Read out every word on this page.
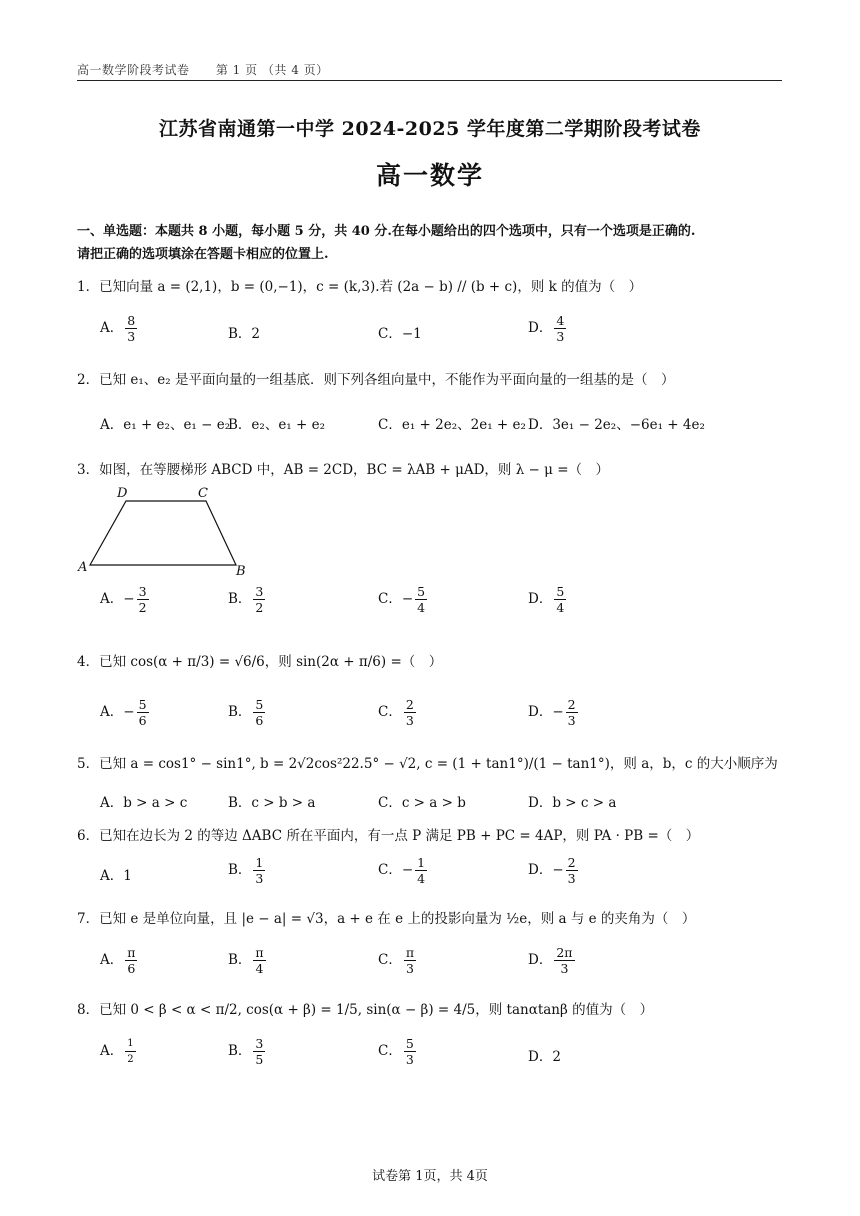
高一数学阶段考试卷 第 1 页 （共 4 页）
江苏省南通第一中学 2024-2025 学年度第二学期阶段考试卷
高一数学
一、单选题：本题共 8 小题，每小题 5 分，共 40 分.在每小题给出的四个选项中，只有一个选项是正确的.
请把正确的选项填涂在答题卡相应的位置上.
1．已知向量 a = (2,1)，b = (0,−1)，c = (k,3).若 (2a − b) // (b + c)，则 k 的值为（　）
A． $\frac{8}{3}$	B．2	C．−1	D． $\frac{4}{3}$
2．已知 e₁、e₂ 是平面向量的一组基底．则下列各组向量中，不能作为平面向量的一组基的是（　）
A．e₁ + e₂、e₁ − e₂
B．e₂、e₁ + e₂	C．e₁ + 2e₂、2e₁ + e₂ D．3e₁ − 2e₂、−6e₁ + 4e₂
3．如图，在等腰梯形 ABCD 中，AB = 2CD，BC = λAB + μAD，则 λ − μ =（　）
D	C
A	B
A．− $\frac{3}{2}$	B． $\frac{3}{2}$	C．− $\frac{5}{4}$	D． $\frac{5}{4}$
4．已知 cos(α + π/3) = √6/6，则 sin(2α + π/6) =（　）
A．− $\frac{5}{6}$	B． $\frac{5}{6}$	C． $\frac{2}{3}$	D．− $\frac{2}{3}$
5．已知 a = cos1° − sin1°, b = 2√2cos²22.5° − √2, c = (1 + tan1°)/(1 − tan1°)，则 a，b，c 的大小顺序为
A．b > a > c	B．c > b > a	C．c > a > b	D．b > c > a
6．已知在边长为 2 的等边 ΔABC 所在平面内，有一点 P 满足 PB + PC = 4AP，则 PA · PB =（　）
A．1	B． $\frac{1}{3}$	C．− $\frac{1}{4}$	D．− $\frac{2}{3}$
7．已知 e 是单位向量，且 |e − a| = √3，a + e 在 e 上的投影向量为 ½e，则 a 与 e 的夹角为（　）
A． $\frac{\pi}{6}$	B． $\frac{\pi}{4}$	C． $\frac{\pi}{3}$	D． $\frac{2\pi}{3}$
8．已知 0 < β < α < π/2, cos(α + β) = 1/5, sin(α − β) = 4/5，则 tanαtanβ 的值为（　）
A． $\frac{1}{2}$	B． $\frac{3}{5}$	C． $\frac{5}{3}$	D．2
试卷第 1页，共 4页
